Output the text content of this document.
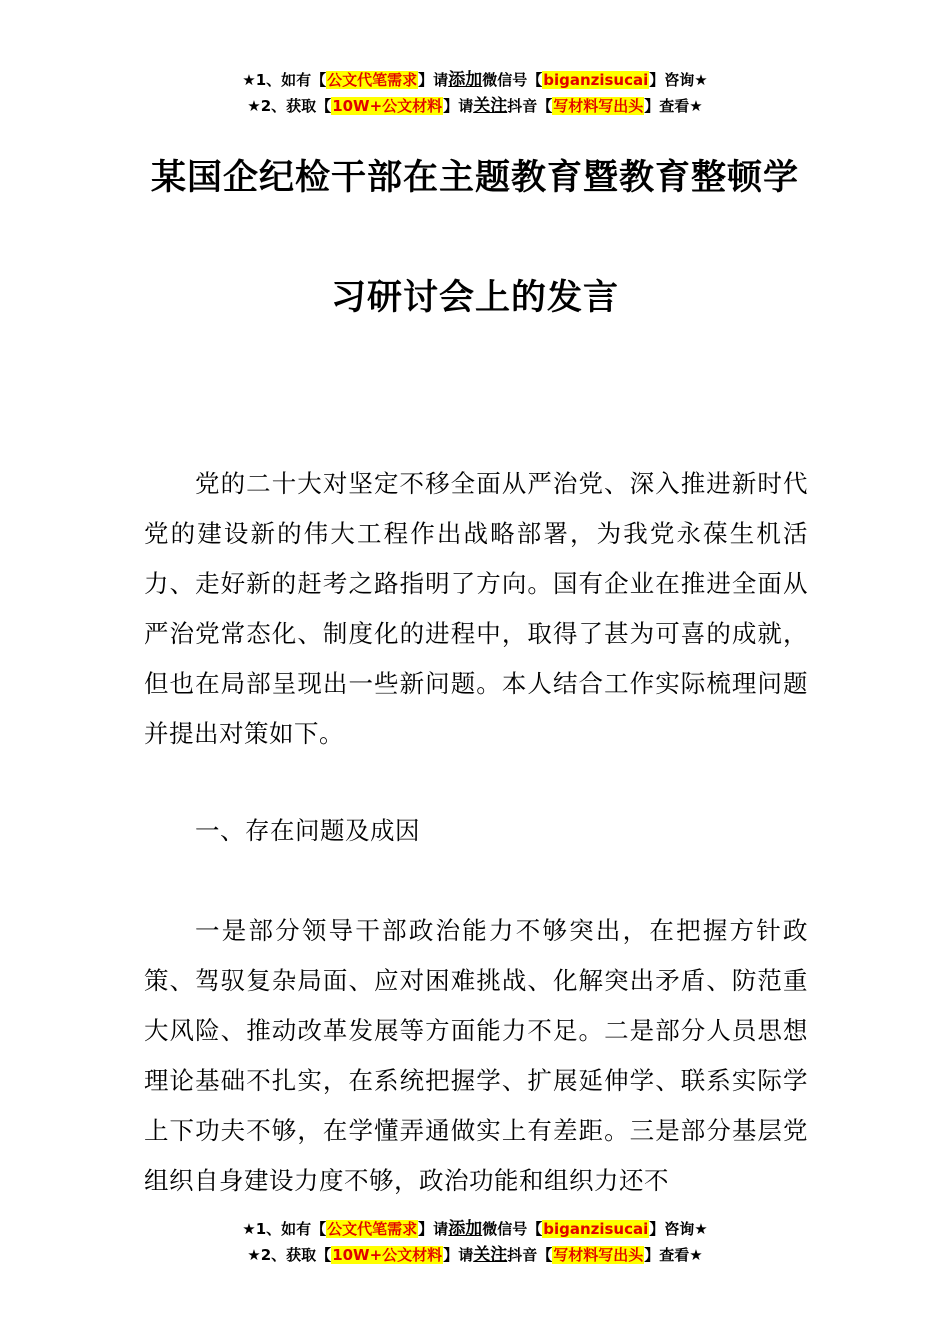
★1、如有【公文代笔需求】请添加微信号【biganzisucai】咨询★
★2、获取【10W+公文材料】请关注抖音【写材料写出头】查看★
某国企纪检干部在主题教育暨教育整顿学
习研讨会上的发言

党的二十大对坚定不移全面从严治党、深入推进新时代党的建设新的伟大工程作出战略部署，为我党永葆生机活力、走好新的赶考之路指明了方向。国有企业在推进全面从严治党常态化、制度化的进程中，取得了甚为可喜的成就，但也在局部呈现出一些新问题。本人结合工作实际梳理问题并提出对策如下。

一、存在问题及成因

一是部分领导干部政治能力不够突出，在把握方针政策、驾驭复杂局面、应对困难挑战、化解突出矛盾、防范重大风险、推动改革发展等方面能力不足。二是部分人员思想理论基础不扎实，在系统把握学、扩展延伸学、联系实际学上下功夫不够，在学懂弄通做实上有差距。三是部分基层党组织自身建设力度不够，政治功能和组织力还不

★1、如有【公文代笔需求】请添加微信号【biganzisucai】咨询★
★2、获取【10W+公文材料】请关注抖音【写材料写出头】查看★
